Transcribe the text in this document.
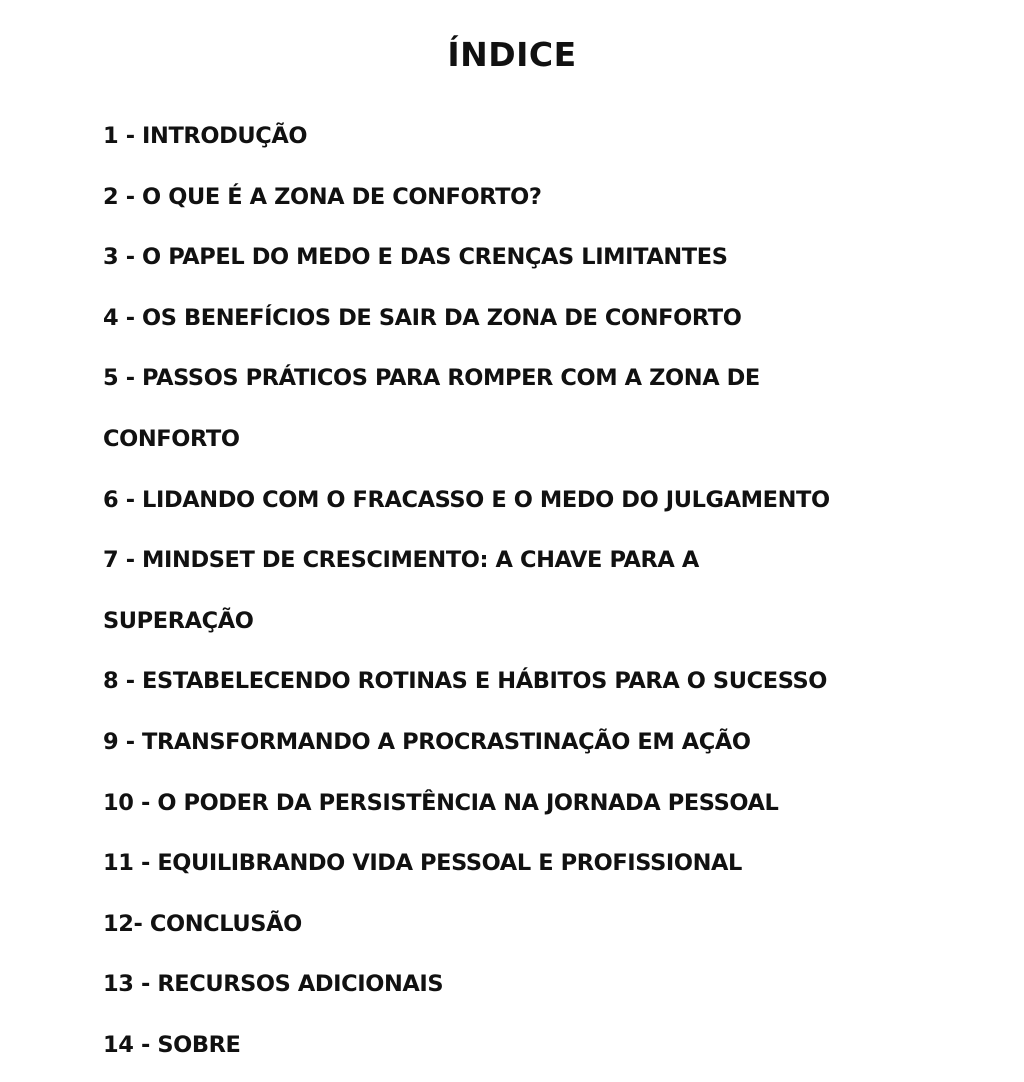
ÍNDICE
1 - INTRODUÇÃO
2 - O QUE É A ZONA DE CONFORTO?
3 - O PAPEL DO MEDO E DAS CRENÇAS LIMITANTES
4 - OS BENEFÍCIOS DE SAIR DA ZONA DE CONFORTO
5 - PASSOS PRÁTICOS PARA ROMPER COM A ZONA DE
CONFORTO
6 - LIDANDO COM O FRACASSO E O MEDO DO JULGAMENTO
7 - MINDSET DE CRESCIMENTO: A CHAVE PARA A
SUPERAÇÃO
8 - ESTABELECENDO ROTINAS E HÁBITOS PARA O SUCESSO
9 - TRANSFORMANDO A PROCRASTINAÇÃO EM AÇÃO
10 - O PODER DA PERSISTÊNCIA NA JORNADA PESSOAL
11 - EQUILIBRANDO VIDA PESSOAL E PROFISSIONAL
12- CONCLUSÃO
13 - RECURSOS ADICIONAIS
14 - SOBRE
